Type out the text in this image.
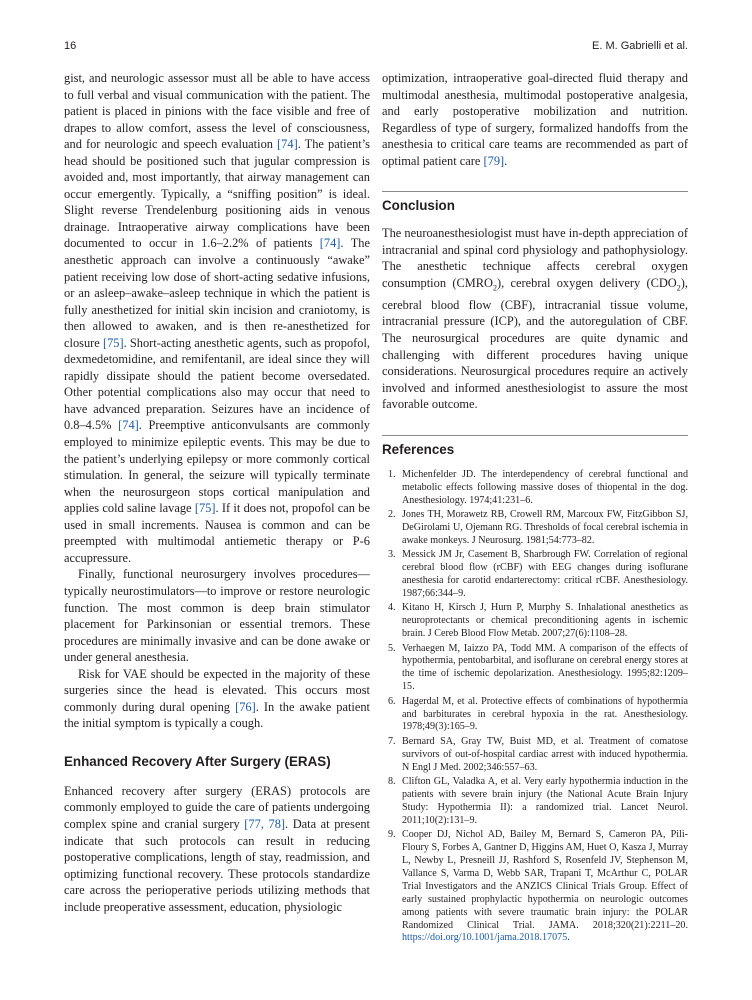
16	E. M. Gabrielli et al.

gist, and neurologic assessor must all be able to have access to full verbal and visual communication with the patient. The patient is placed in pinions with the face visible and free of drapes to allow comfort, assess the level of consciousness, and for neurologic and speech evaluation [74]. The patient’s head should be positioned such that jugular compression is avoided and, most importantly, that airway management can occur emergently. Typically, a “sniffing position” is ideal. Slight reverse Trendelenburg positioning aids in venous drainage. Intraoperative airway complications have been documented to occur in 1.6–2.2% of patients [74]. The anesthetic approach can involve a continuously “awake” patient receiving low dose of short-acting sedative infusions, or an asleep–awake–asleep technique in which the patient is fully anesthetized for initial skin incision and craniotomy, is then allowed to awaken, and is then re-anesthetized for closure [75]. Short-acting anesthetic agents, such as propofol, dexmedetomidine, and remifentanil, are ideal since they will rapidly dissipate should the patient become oversedated. Other potential complications also may occur that need to have advanced preparation. Seizures have an incidence of 0.8–4.5% [74]. Preemptive anticonvulsants are commonly employed to minimize epileptic events. This may be due to the patient’s underlying epilepsy or more commonly cortical stimulation. In general, the seizure will typically terminate when the neurosurgeon stops cortical manipulation and applies cold saline lavage [75]. If it does not, propofol can be used in small increments. Nausea is common and can be preempted with multimodal antiemetic therapy or P-6 accupressure.

Finally, functional neurosurgery involves procedures—typically neurostimulators—to improve or restore neurologic function. The most common is deep brain stimulator placement for Parkinsonian or essential tremors. These procedures are minimally invasive and can be done awake or under general anesthesia.

Risk for VAE should be expected in the majority of these surgeries since the head is elevated. This occurs most commonly during dural opening [76]. In the awake patient the initial symptom is typically a cough.

Enhanced Recovery After Surgery (ERAS)

Enhanced recovery after surgery (ERAS) protocols are commonly employed to guide the care of patients undergoing complex spine and cranial surgery [77, 78]. Data at present indicate that such protocols can result in reducing postoperative complications, length of stay, readmission, and optimizing functional recovery. These protocols standardize care across the perioperative periods utilizing methods that include preoperative assessment, education, physiologic

optimization, intraoperative goal-directed fluid therapy and multimodal anesthesia, multimodal postoperative analgesia, and early postoperative mobilization and nutrition. Regardless of type of surgery, formalized handoffs from the anesthesia to critical care teams are recommended as part of optimal patient care [79].

Conclusion

The neuroanesthesiologist must have in-depth appreciation of intracranial and spinal cord physiology and pathophysiology. The anesthetic technique affects cerebral oxygen consumption $(CMRO_2)$, cerebral oxygen delivery $(CDO_2)$, cerebral blood flow (CBF), intracranial tissue volume, intracranial pressure (ICP), and the autoregulation of CBF. The neurosurgical procedures are quite dynamic and challenging with different procedures having unique considerations. Neurosurgical procedures require an actively involved and informed anesthesiologist to assure the most favorable outcome.

References
1. Michenfelder JD. The interdependency of cerebral functional and metabolic effects following massive doses of thiopental in the dog. Anesthesiology. 1974;41:231–6.
2. Jones TH, Morawetz RB, Crowell RM, Marcoux FW, FitzGibbon SJ, DeGirolami U, Ojemann RG. Thresholds of focal cerebral ischemia in awake monkeys. J Neurosurg. 1981;54:773–82.
3. Messick JM Jr, Casement B, Sharbrough FW. Correlation of regional cerebral blood flow (rCBF) with EEG changes during isoflurane anesthesia for carotid endarterectomy: critical rCBF. Anesthesiology. 1987;66:344–9.
4. Kitano H, Kirsch J, Hurn P, Murphy S. Inhalational anesthetics as neuroprotectants or chemical preconditioning agents in ischemic brain. J Cereb Blood Flow Metab. 2007;27(6):1108–28.
5. Verhaegen M, Iaizzo PA, Todd MM. A comparison of the effects of hypothermia, pentobarbital, and isoflurane on cerebral energy stores at the time of ischemic depolarization. Anesthesiology. 1995;82:1209–15.
6. Hagerdal M, et al. Protective effects of combinations of hypothermia and barbiturates in cerebral hypoxia in the rat. Anesthesiology. 1978;49(3):165–9.
7. Bernard SA, Gray TW, Buist MD, et al. Treatment of comatose survivors of out-of-hospital cardiac arrest with induced hypothermia. N Engl J Med. 2002;346:557–63.
8. Clifton GL, Valadka A, et al. Very early hypothermia induction in the patients with severe brain injury (the National Acute Brain Injury Study: Hypothermia II): a randomized trial. Lancet Neurol. 2011;10(2):131–9.
9. Cooper DJ, Nichol AD, Bailey M, Bernard S, Cameron PA, Pili-Floury S, Forbes A, Gantner D, Higgins AM, Huet O, Kasza J, Murray L, Newby L, Presneill JJ, Rashford S, Rosenfeld JV, Stephenson M, Vallance S, Varma D, Webb SAR, Trapani T, McArthur C, POLAR Trial Investigators and the ANZICS Clinical Trials Group. Effect of early sustained prophylactic hypothermia on neurologic outcomes among patients with severe traumatic brain injury: the POLAR Randomized Clinical Trial. JAMA. 2018;320(21):2211–20. https://doi.org/10.1001/jama.2018.17075.
